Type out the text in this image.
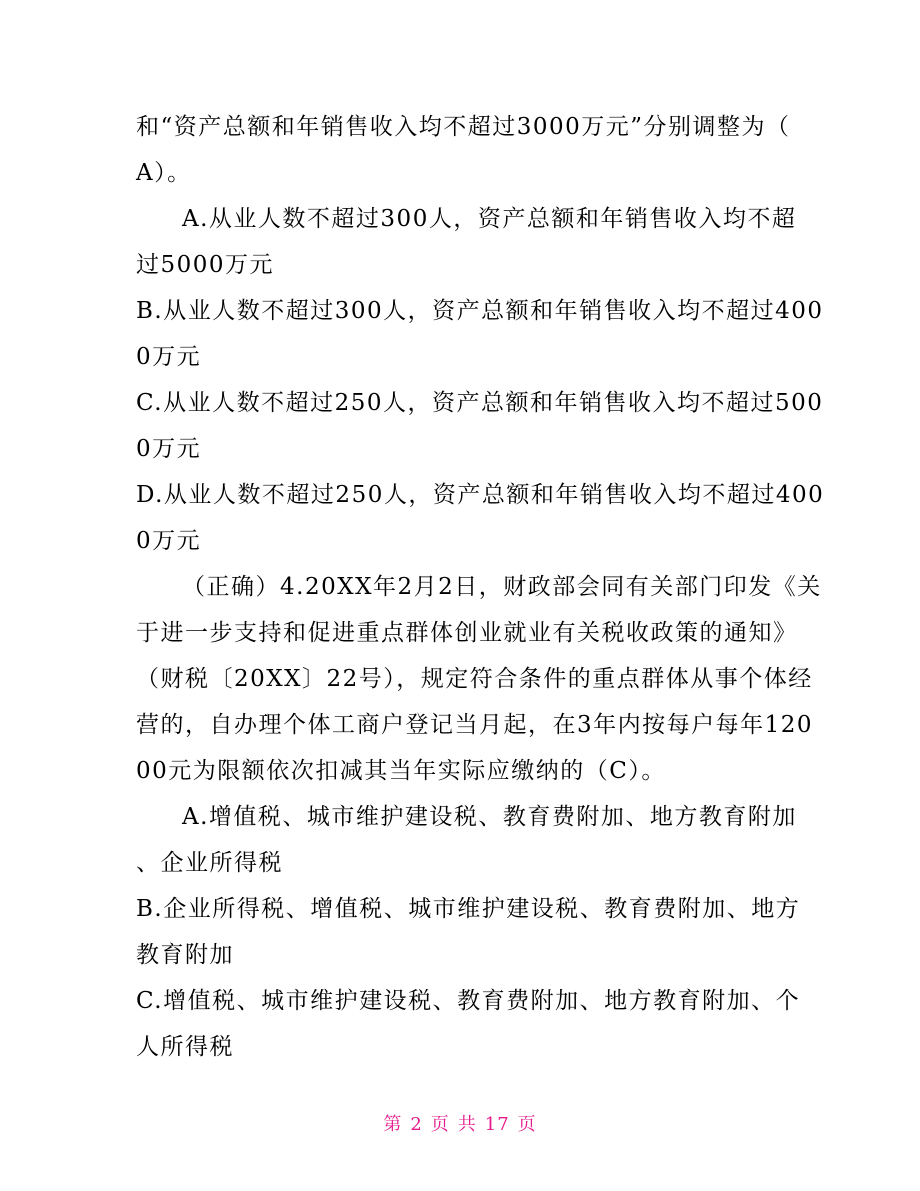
和“资产总额和年销售收入均不超过3000万元”分别调整为（
A）。

A.从业人数不超过300人，资产总额和年销售收入均不超
过5000万元

B.从业人数不超过300人，资产总额和年销售收入均不超过400
0万元

C.从业人数不超过250人，资产总额和年销售收入均不超过500
0万元

D.从业人数不超过250人，资产总额和年销售收入均不超过400
0万元

（正确）4.20XX年2月2日，财政部会同有关部门印发《关
于进一步支持和促进重点群体创业就业有关税收政策的通知》
（财税〔20XX〕22号），规定符合条件的重点群体从事个体经
营的，自办理个体工商户登记当月起，在3年内按每户每年120
00元为限额依次扣减其当年实际应缴纳的（C）。

A.增值税、城市维护建设税、教育费附加、地方教育附加
、企业所得税

B.企业所得税、增值税、城市维护建设税、教育费附加、地方
教育附加

C.增值税、城市维护建设税、教育费附加、地方教育附加、个
人所得税

第 2 页 共 17 页
